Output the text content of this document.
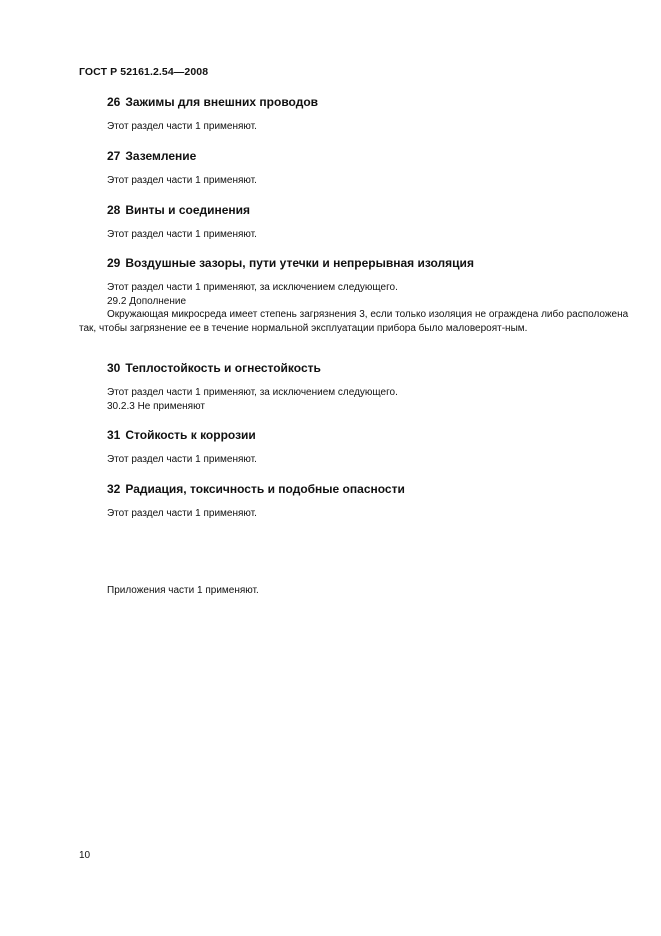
ГОСТ Р 52161.2.54—2008
26 Зажимы для внешних проводов

Этот раздел части 1 применяют.

27 Заземление

Этот раздел части 1 применяют.

28 Винты и соединения

Этот раздел части 1 применяют.

29 Воздушные зазоры, пути утечки и непрерывная изоляция

Этот раздел части 1 применяют, за исключением следующего.

29.2 Дополнение

Окружающая микросреда имеет степень загрязнения 3, если только изоляция не ограждена либо расположена так, чтобы загрязнение ее в течение нормальной эксплуатации прибора было маловероят-ным.

30 Теплостойкость и огнестойкость

Этот раздел части 1 применяют, за исключением следующего.

30.2.3 Не применяют

31 Стойкость к коррозии

Этот раздел части 1 применяют.

32 Радиация, токсичность и подобные опасности

Этот раздел части 1 применяют.

Приложения части 1 применяют.
10
